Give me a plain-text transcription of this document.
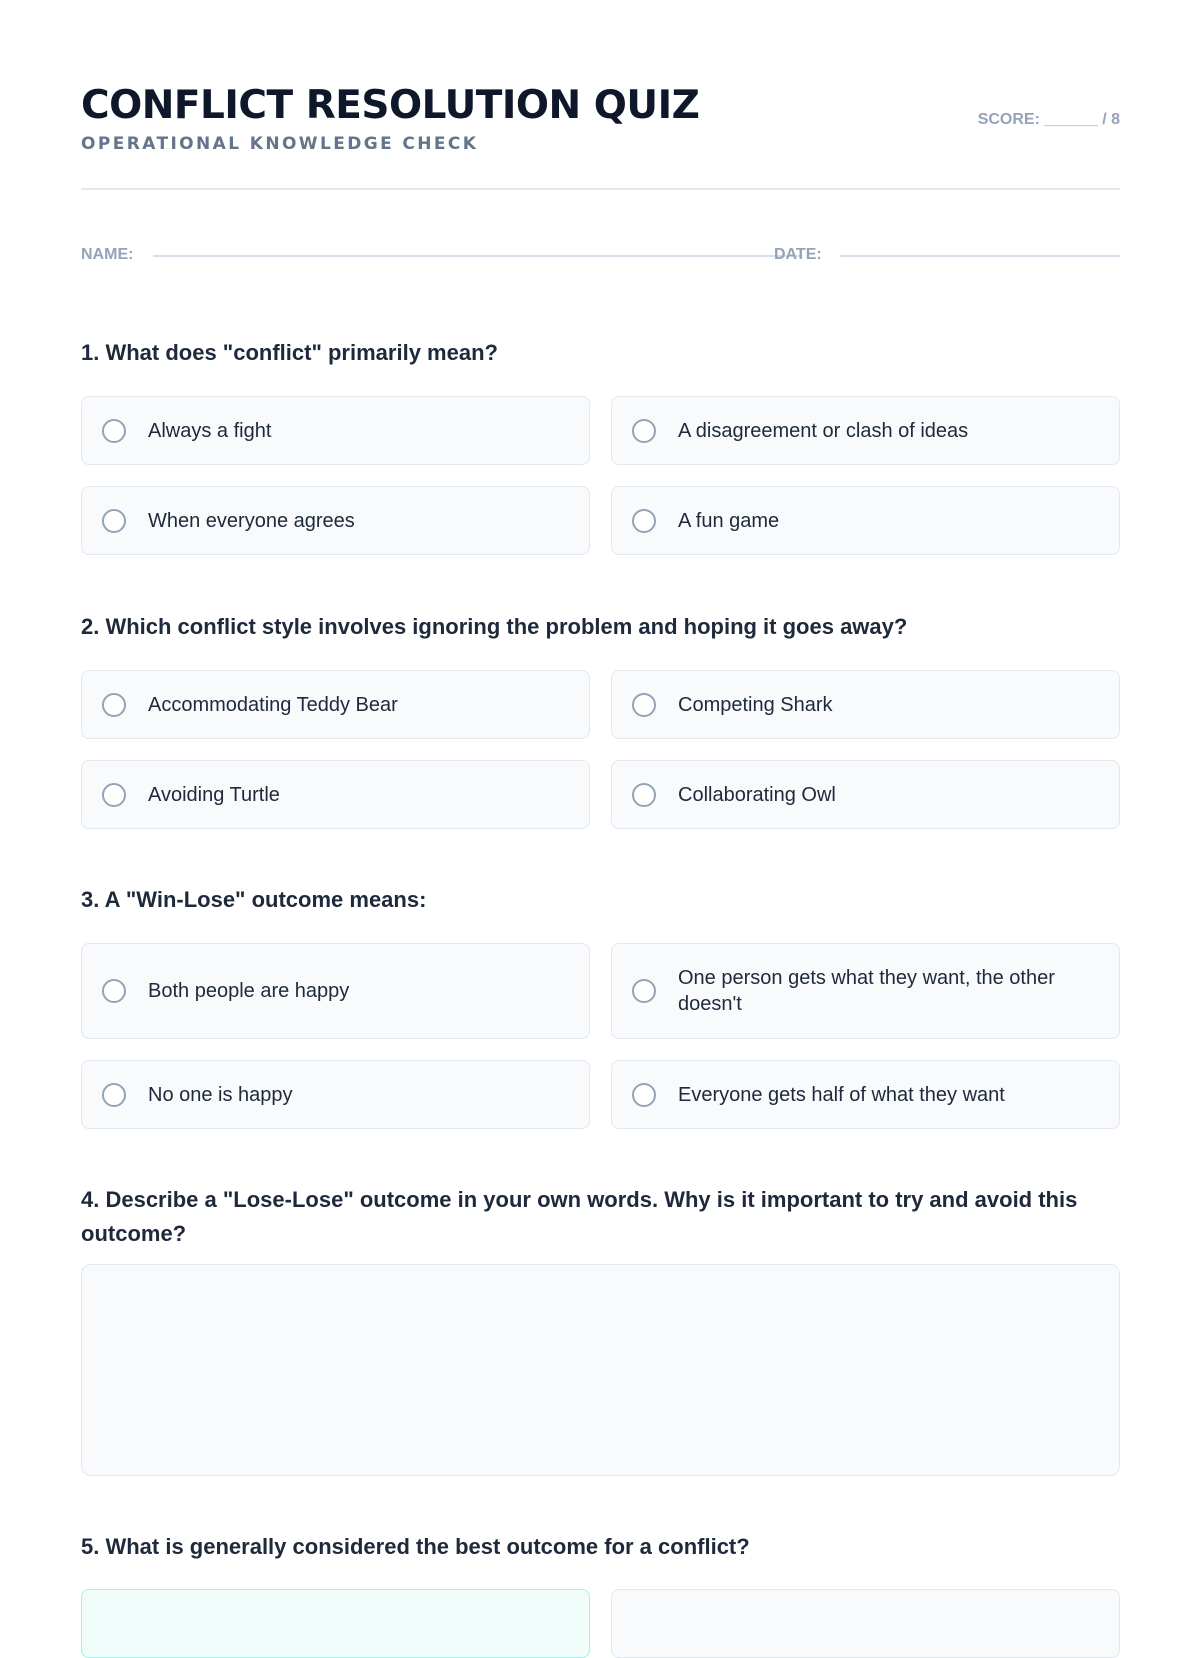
CONFLICT RESOLUTION QUIZ
OPERATIONAL KNOWLEDGE CHECK
SCORE: ______ / 8
NAME:	DATE:
1. What does "conflict" primarily mean?
Always a fight	A disagreement or clash of ideas
When everyone agrees	A fun game
2. Which conflict style involves ignoring the problem and hoping it goes away?
Accommodating Teddy Bear	Competing Shark
Avoiding Turtle	Collaborating Owl
3. A "Win-Lose" outcome means:
Both people are happy
One person gets what they want, the other doesn't
No one is happy	Everyone gets half of what they want
4. Describe a "Lose-Lose" outcome in your own words. Why is it important to try and avoid this outcome?
5. What is generally considered the best outcome for a conflict?
